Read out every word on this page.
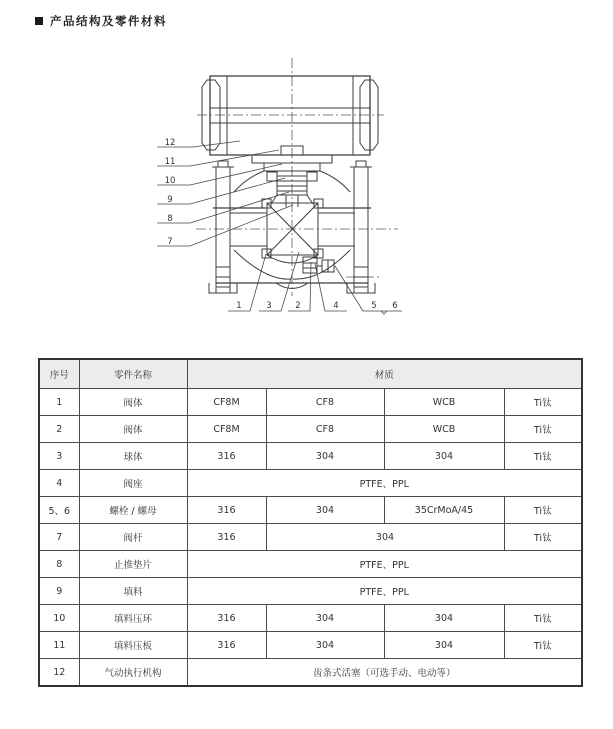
产品结构及零件材料
12
11
10
9
8
7
1	3	2	4	5 6
序号	零件名称	材质			
1	阀体	CF8M	CF8	WCB	Ti钛
2	阀体	CF8M	CF8	WCB	Ti钛
3	球体	316	304	304	Ti钛
4	阀座	PTFE、PPL			
5、6	螺栓 / 螺母	316	304	35CrMoA/45	Ti钛
7	阀杆	316	304		Ti钛
8	止推垫片	PTFE、PPL			
9	填料	PTFE、PPL			
10	填料压环	316	304	304	Ti钛
11	填料压板	316	304	304	Ti钛
12	气动执行机构	齿条式活塞（可选手动、电动等）			
